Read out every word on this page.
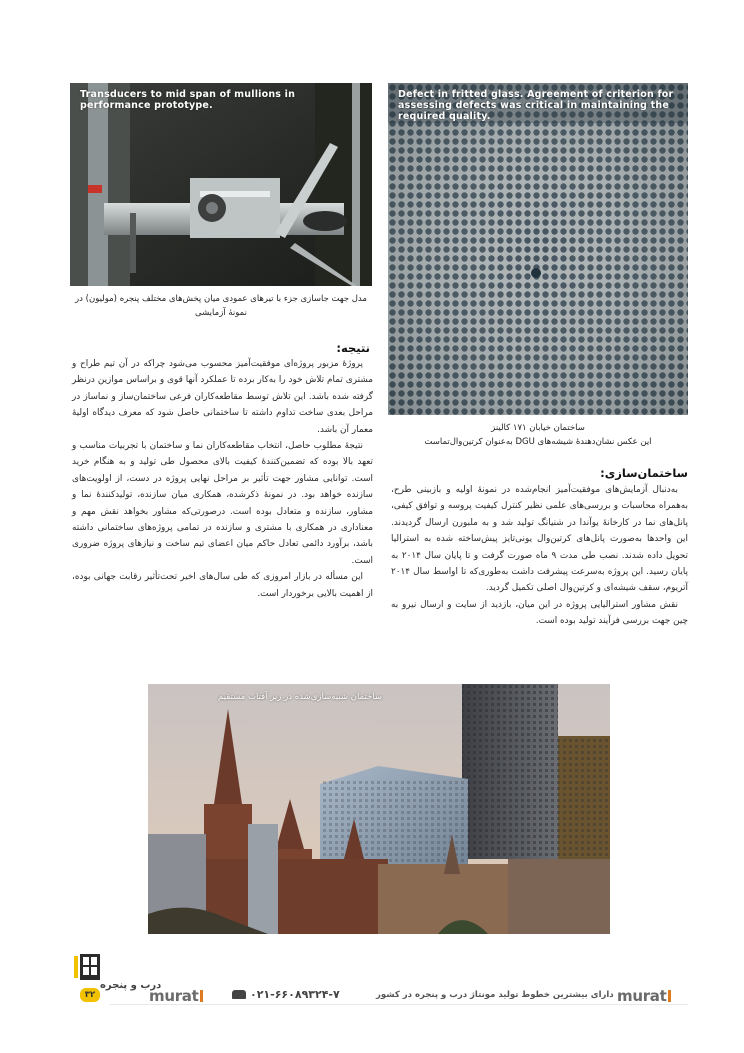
Transducers to mid span of mullions in performance prototype.
مدل جهت جاسازی جزء با تیرهای عمودی میان پخش‌های مختلف پنجره (مولیون) در نمونهٔ آزمایشی
Defect in fritted glass. Agreement of criterion for assessing defects was critical in maintaining the required quality.
ساختمان خیابان ۱۷۱ کالینز
این عکس نشان‌دهندهٔ شیشه‌های DGU به‌عنوان کرتین‌وال‌تماست
ساختمان‌سازی:

به‌دنبال آزمایش‌های موفقیت‌آمیز انجام‌شده در نمونهٔ اولیه و بازبینی طرح، به‌همراه محاسبات و بررسی‌های علمی نظیر کنترل کیفیت پروسه و توافق کیفی، پانل‌های نما در کارخانهٔ یوآندا در شنیانگ تولید شد و به ملبورن ارسال گردیدند. این واحدها به‌صورت پانل‌های کرتین‌وال یونی‌تایز پیش‌ساخته شده به استرالیا تحویل داده شدند. نصب طی مدت ۹ ماه صورت گرفت و تا پایان سال ۲۰۱۴ به پایان رسید. این پروژه به‌سرعت پیشرفت داشت به‌طوری‌که تا اواسط سال ۲۰۱۴ آتریوم، سقف شیشه‌ای و کرتین‌وال اصلی تکمیل گردید.

نقش مشاور استرالیایی پروژه در این میان، بازدید از سایت و ارسال نیرو به چین جهت بررسی فرآیند تولید بوده است.

نتیجه:

پروژهٔ مزبور پروژه‌ای موفقیت‌آمیز محسوب می‌شود چراکه در آن تیم طراح و مشتری تمام تلاش خود را به‌کار برده تا عملکرد آنها قوی و براساس موازین درنظر گرفته شده باشد. این تلاش توسط مقاطعه‌کاران فرعی ساختمان‌ساز و نماساز در مراحل بعدی ساخت تداوم داشته تا ساختمانی حاصل شود که معرف دیدگاه اولیهٔ معمار آن باشد.

نتیجهٔ مطلوب حاصل، انتخاب مقاطعه‌کاران نما و ساختمان با تجربیات مناسب و تعهد بالا بوده که تضمین‌کنندهٔ کیفیت بالای محصول طی تولید و به هنگام خرید است. توانایی مشاور جهت تأثیر بر مراحل نهایی پروژه در دست، از اولویت‌های سازنده خواهد بود. در نمونهٔ ذکرشده، همکاری میان سازنده، تولیدکنندهٔ نما و مشاور، سازنده و متعادل بوده است. درصورتی‌که مشاور بخواهد نقش مهم و معناداری در همکاری با مشتری و سازنده در تمامی پروژه‌های ساختمانی داشته باشد، برآورد دائمی تعادل حاکم میان اعضای تیم ساخت و نیازهای پروژه ضروری است.

این مسأله در بازار امروزی که طی سال‌های اخیر تحت‌تأثیر رقابت جهانی بوده، از اهمیت بالایی برخوردار است.

ساختمان شبیه‌سازی‌شده در زیر آفتاب مستقیم
murat
دارای بیشترین خطوط تولید مونتاژ درب و پنجره در کشور
۰۲۱-۶۶۰۸۹۳۲۴-۷
murat
درب و پنجره
۳۲
